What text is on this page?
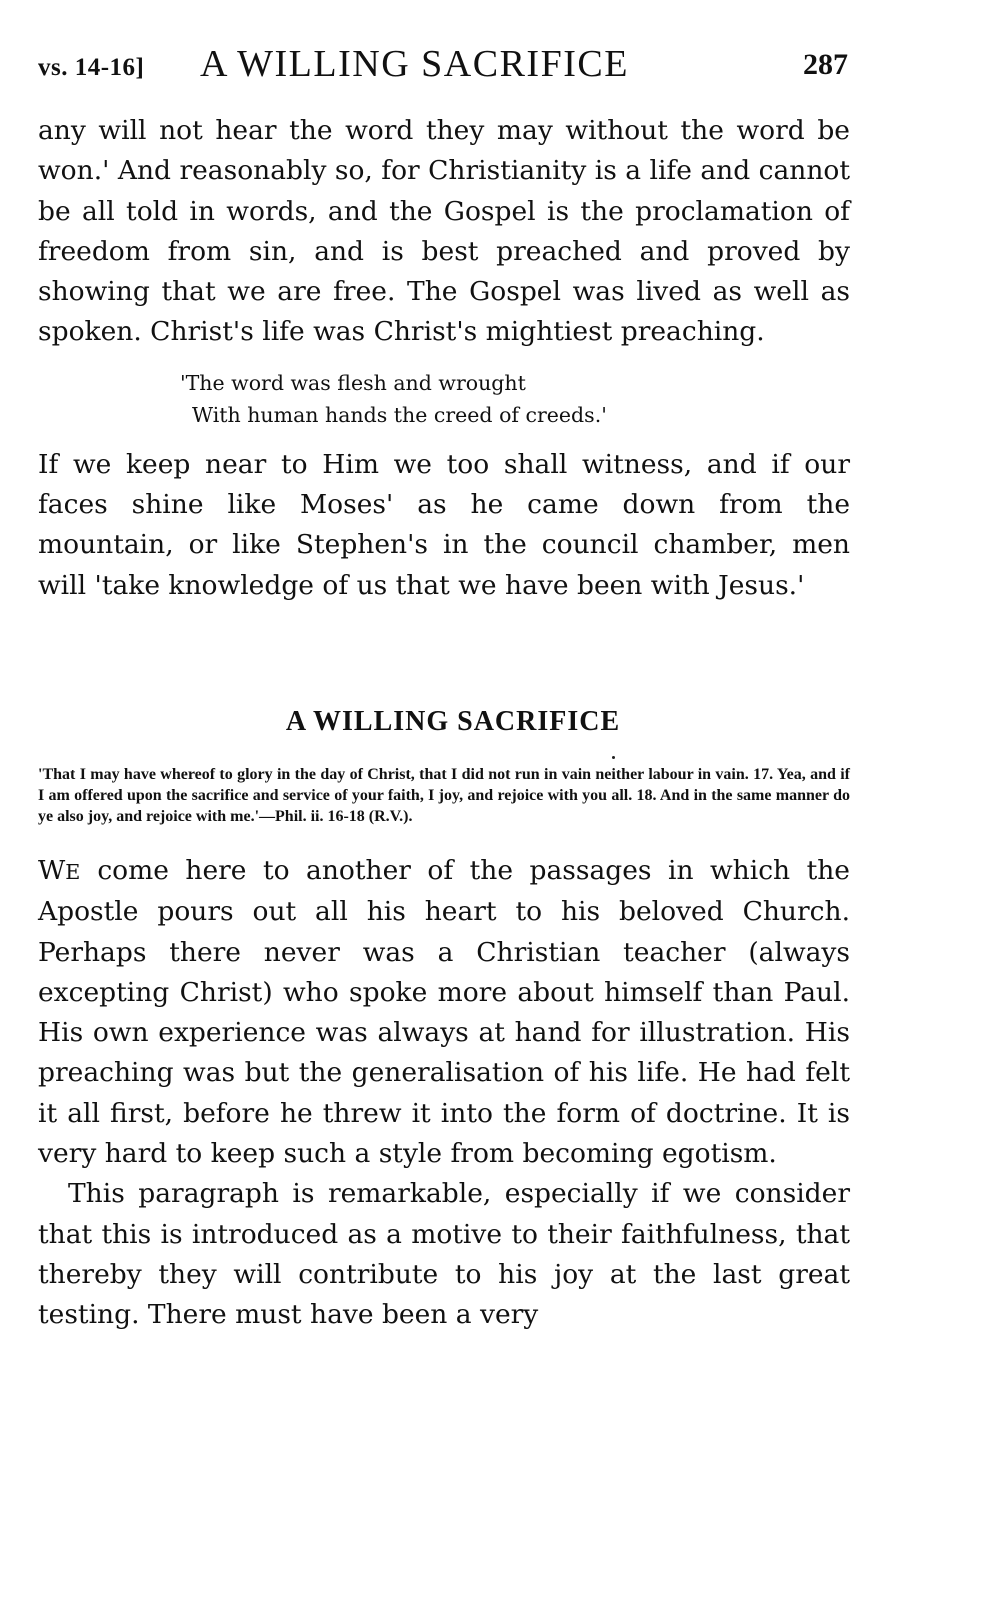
vs. 14-16] A WILLING SACRIFICE	287

any will not hear the word they may without the word be won.' And reasonably so, for Christianity is a life and cannot be all told in words, and the Gospel is the proclamation of freedom from sin, and is best preached and proved by showing that we are free. The Gospel was lived as well as spoken. Christ's life was Christ's mightiest preaching.

'The word was flesh and wrought
With human hands the creed of creeds.'

If we keep near to Him we too shall witness, and if our faces shine like Moses' as he came down from the mountain, or like Stephen's in the council chamber, men will 'take knowledge of us that we have been with Jesus.'

A WILLING SACRIFICE

'That I may have whereof to glory in the day of Christ, that I did not run in vain neither labour in vain. 17. Yea, and if I am offered upon the sacrifice and service of your faith, I joy, and rejoice with you all. 18. And in the same manner do ye also joy, and rejoice with me.'—Phil. ii. 16-18 (R.V.).

WE come here to another of the passages in which the Apostle pours out all his heart to his beloved Church. Perhaps there never was a Christian teacher (always excepting Christ) who spoke more about himself than Paul. His own experience was always at hand for illustration. His preaching was but the generalisation of his life. He had felt it all first, before he threw it into the form of doctrine. It is very hard to keep such a style from becoming egotism.

This paragraph is remarkable, especially if we consider that this is introduced as a motive to their faithfulness, that thereby they will contribute to his joy at the last great testing. There must have been a very
